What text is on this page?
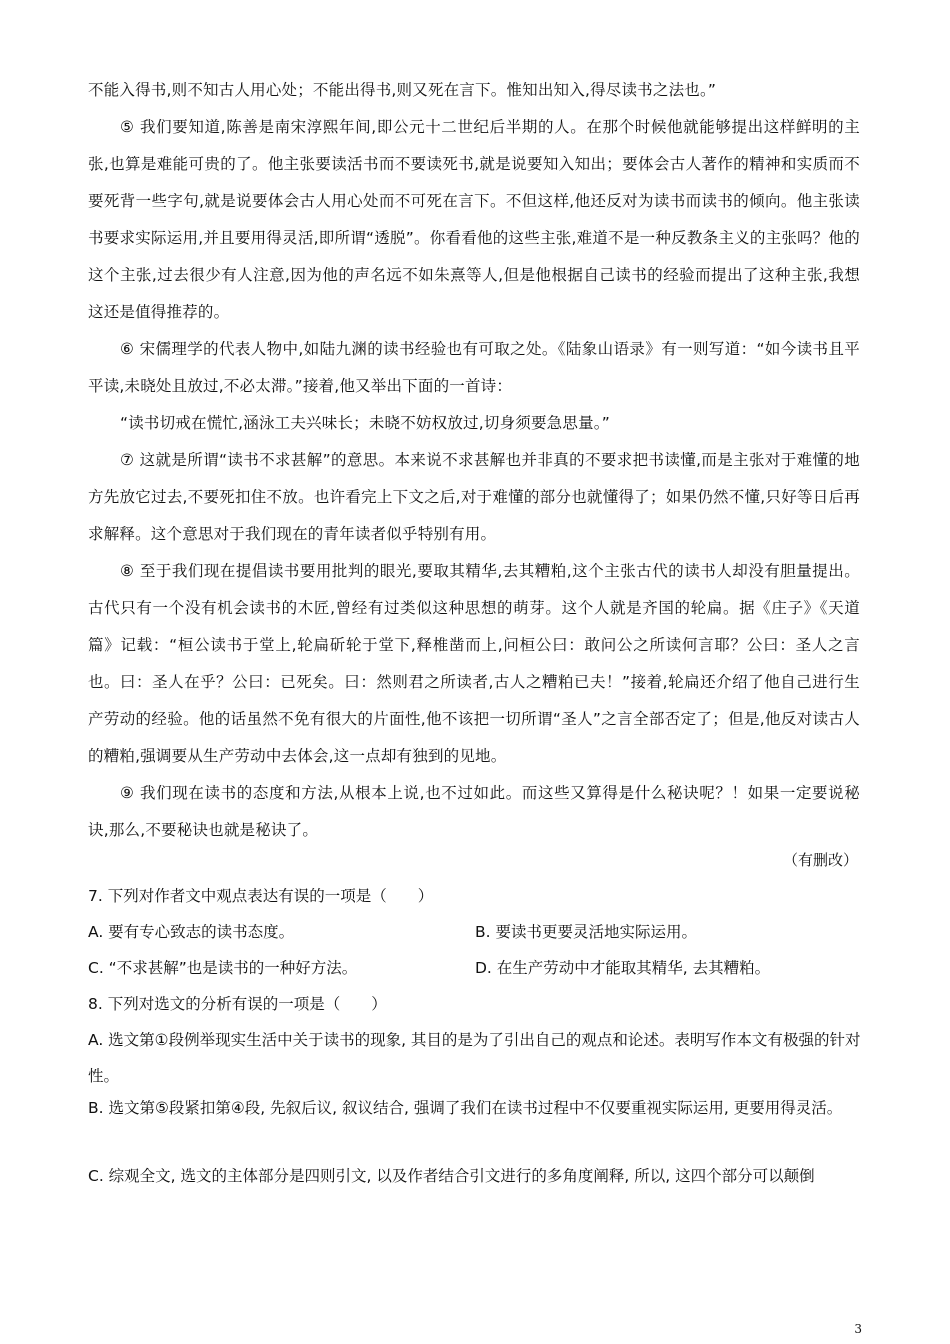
不能入得书,则不知古人用心处；不能出得书,则又死在言下。惟知出知入,得尽读书之法也。”

⑤ 我们要知道,陈善是南宋淳熙年间,即公元十二世纪后半期的人。在那个时候他就能够提出这样鲜明的主张,也算是难能可贵的了。他主张要读活书而不要读死书,就是说要知入知出；要体会古人著作的精神和实质而不要死背一些字句,就是说要体会古人用心处而不可死在言下。不但这样,他还反对为读书而读书的倾向。他主张读书要求实际运用,并且要用得灵活,即所谓“透脱”。你看看他的这些主张,难道不是一种反教条主义的主张吗？他的这个主张,过去很少有人注意,因为他的声名远不如朱熹等人,但是他根据自己读书的经验而提出了这种主张,我想这还是值得推荐的。

⑥ 宋儒理学的代表人物中,如陆九渊的读书经验也有可取之处。《陆象山语录》有一则写道：“如今读书且平平读,未晓处且放过,不必太滞。”接着,他又举出下面的一首诗：

“读书切戒在慌忙,涵泳工夫兴味长；未晓不妨权放过,切身须要急思量。”

⑦ 这就是所谓“读书不求甚解”的意思。本来说不求甚解也并非真的不要求把书读懂,而是主张对于难懂的地方先放它过去,不要死扣住不放。也许看完上下文之后,对于难懂的部分也就懂得了；如果仍然不懂,只好等日后再求解释。这个意思对于我们现在的青年读者似乎特别有用。

⑧ 至于我们现在提倡读书要用批判的眼光,要取其精华,去其糟粕,这个主张古代的读书人却没有胆量提出。古代只有一个没有机会读书的木匠,曾经有过类似这种思想的萌芽。这个人就是齐国的轮扁。据《庄子》《天道篇》记载：“桓公读书于堂上,轮扁斫轮于堂下,释椎凿而上,问桓公曰：敢问公之所读何言耶？公曰：圣人之言也。曰：圣人在乎？公曰：已死矣。曰：然则君之所读者,古人之糟粕已夫！”接着,轮扁还介绍了他自己进行生产劳动的经验。他的话虽然不免有很大的片面性,他不该把一切所谓“圣人”之言全部否定了；但是,他反对读古人的糟粕,强调要从生产劳动中去体会,这一点却有独到的见地。

⑨ 我们现在读书的态度和方法,从根本上说,也不过如此。而这些又算得是什么秘诀呢？！如果一定要说秘诀,那么,不要秘诀也就是秘诀了。

（有删改）

7. 下列对作者文中观点表达有误的一项是（　　）

A. 要有专心致志的读书态度。	B. 要读书更要灵活地实际运用。

C. “不求甚解”也是读书的一种好方法。	D. 在生产劳动中才能取其精华, 去其糟粕。

8. 下列对选文的分析有误的一项是（　　）

A. 选文第①段例举现实生活中关于读书的现象, 其目的是为了引出自己的观点和论述。表明写作本文有极强的针对性。

B. 选文第⑤段紧扣第④段, 先叙后议, 叙议结合, 强调了我们在读书过程中不仅要重视实际运用, 更要用得灵活。

C. 综观全文, 选文的主体部分是四则引文, 以及作者结合引文进行的多角度阐释, 所以, 这四个部分可以颠倒

3
